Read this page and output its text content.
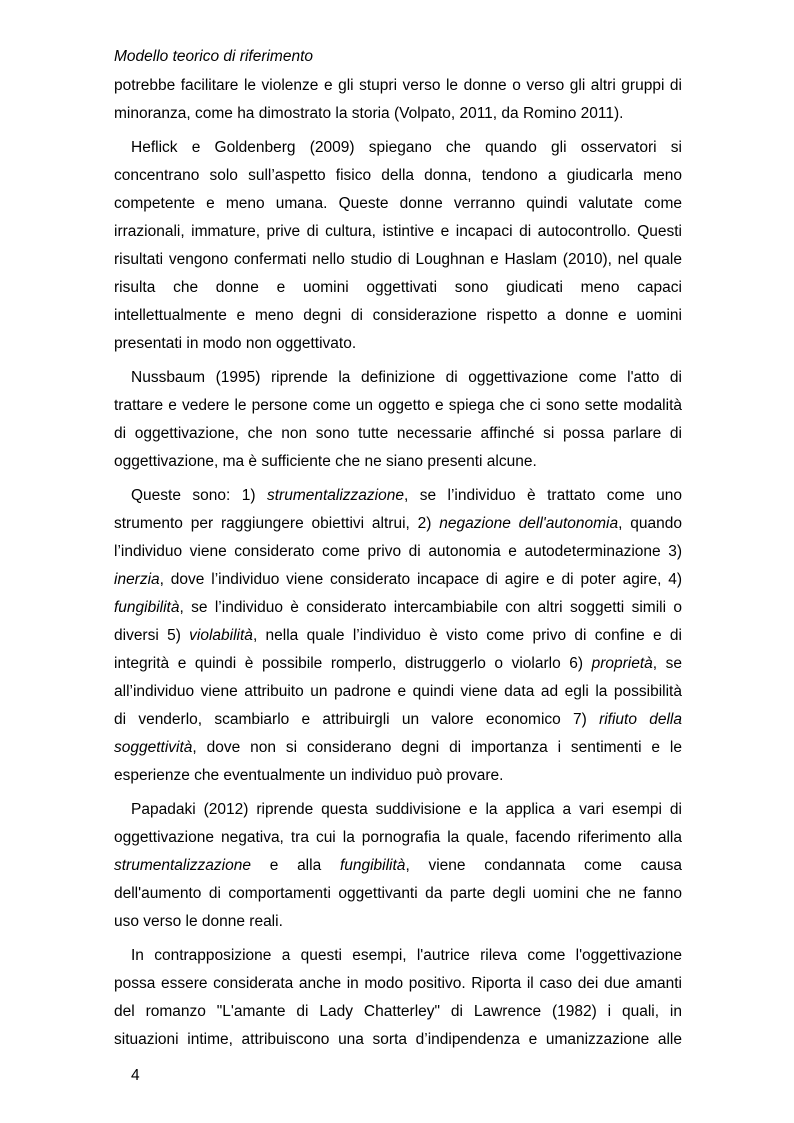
Modello teorico di riferimento
potrebbe facilitare le violenze e gli stupri verso le donne o verso gli altri gruppi di
minoranza, come ha dimostrato la storia (Volpato, 2011, da Romino 2011).
Heflick e Goldenberg (2009) spiegano che quando gli osservatori si
concentrano solo sull’aspetto fisico della donna, tendono a giudicarla meno
competente e meno umana. Queste donne verranno quindi valutate come
irrazionali, immature, prive di cultura, istintive e incapaci di autocontrollo. Questi
risultati vengono confermati nello studio di Loughnan e Haslam (2010), nel quale
risulta che donne e uomini oggettivati sono giudicati meno capaci
intellettualmente e meno degni di considerazione rispetto a donne e uomini
presentati in modo non oggettivato.
Nussbaum (1995) riprende la definizione di oggettivazione come l'atto di
trattare e vedere le persone come un oggetto e spiega che ci sono sette modalità
di oggettivazione, che non sono tutte necessarie affinché si possa parlare di
oggettivazione, ma è sufficiente che ne siano presenti alcune.
Queste sono: 1) strumentalizzazione, se l’individuo è trattato come uno
strumento per raggiungere obiettivi altrui, 2) negazione dell'autonomia, quando
l’individuo viene considerato come privo di autonomia e autodeterminazione 3)
inerzia, dove l’individuo viene considerato incapace di agire e di poter agire, 4)
fungibilità, se l’individuo è considerato intercambiabile con altri soggetti simili o
diversi 5) violabilità, nella quale l’individuo è visto come privo di confine e di
integrità e quindi è possibile romperlo, distruggerlo o violarlo 6) proprietà, se
all’individuo viene attribuito un padrone e quindi viene data ad egli la possibilità
di venderlo, scambiarlo e attribuirgli un valore economico 7) rifiuto della
soggettività, dove non si considerano degni di importanza i sentimenti e le
esperienze che eventualmente un individuo può provare.
Papadaki (2012) riprende questa suddivisione e la applica a vari esempi di
oggettivazione negativa, tra cui la pornografia la quale, facendo riferimento alla
strumentalizzazione e alla fungibilità, viene condannata come causa
dell'aumento di comportamenti oggettivanti da parte degli uomini che ne fanno
uso verso le donne reali.
In contrapposizione a questi esempi, l'autrice rileva come l'oggettivazione
possa essere considerata anche in modo positivo. Riporta il caso dei due amanti
del romanzo "L'amante di Lady Chatterley" di Lawrence (1982) i quali, in
situazioni intime, attribuiscono una sorta d’indipendenza e umanizzazione alle
4
